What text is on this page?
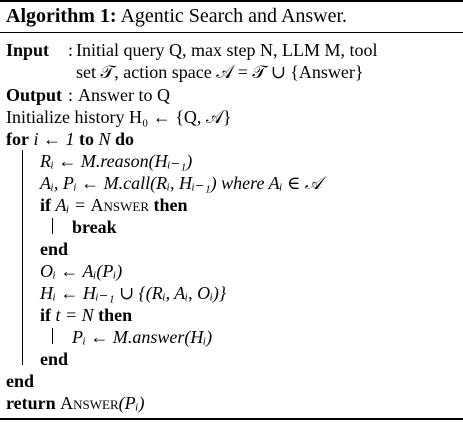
Algorithm 1: Agentic Search and Answer.
Input : Initial query Q, max step N, LLM M, tool
set 𝒯, action space 𝒜 = 𝒯 ∪ {Answer}
Output : Answer to Q
Initialize history H₀ ← {Q, 𝒜}
for i ← 1 to N do
Rᵢ ← M.reason(Hᵢ₋₁)
Aᵢ, Pᵢ ← M.call(Rᵢ, Hᵢ₋₁) where Aᵢ ∈ 𝒜
if Aᵢ = Answer then
break
end
Oᵢ ← Aᵢ(Pᵢ)
Hᵢ ← Hᵢ₋₁ ∪ {(Rᵢ, Aᵢ, Oᵢ)}
if t = N then
Pᵢ ← M.answer(Hᵢ)
end
end
return Answer(Pᵢ)
